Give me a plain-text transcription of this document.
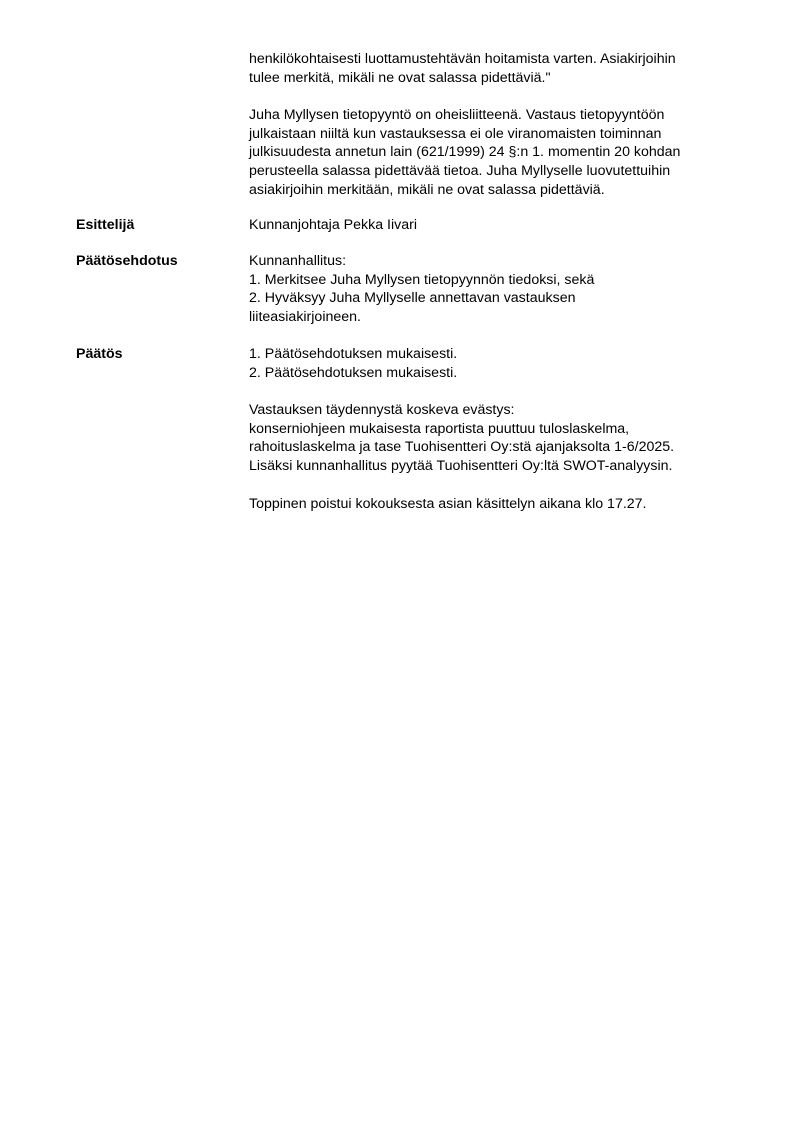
henkilökohtaisesti luottamustehtävän hoitamista varten. Asiakirjoihin
tulee merkitä, mikäli ne ovat salassa pidettäviä."
Juha Myllysen tietopyyntö on oheisliitteenä. Vastaus tietopyyntöön
julkaistaan niiltä kun vastauksessa ei ole viranomaisten toiminnan
julkisuudesta annetun lain (621/1999) 24 §:n 1. momentin 20 kohdan
perusteella salassa pidettävää tietoa. Juha Myllyselle luovutettuihin
asiakirjoihin merkitään, mikäli ne ovat salassa pidettäviä.
Esittelijä	Kunnanjohtaja Pekka Iivari
Päätösehdotus	Kunnanhallitus:
1. Merkitsee Juha Myllysen tietopyynnön tiedoksi, sekä
2. Hyväksyy Juha Myllyselle annettavan vastauksen
liiteasiakirjoineen.
Päätös	1. Päätösehdotuksen mukaisesti.
2. Päätösehdotuksen mukaisesti.
Vastauksen täydennystä koskeva evästys:
konserniohjeen mukaisesta raportista puuttuu tuloslaskelma,
rahoituslaskelma ja tase Tuohisentteri Oy:stä ajanjaksolta 1-6/2025.
Lisäksi kunnanhallitus pyytää Tuohisentteri Oy:ltä SWOT-analyysin.
Toppinen poistui kokouksesta asian käsittelyn aikana klo 17.27.
